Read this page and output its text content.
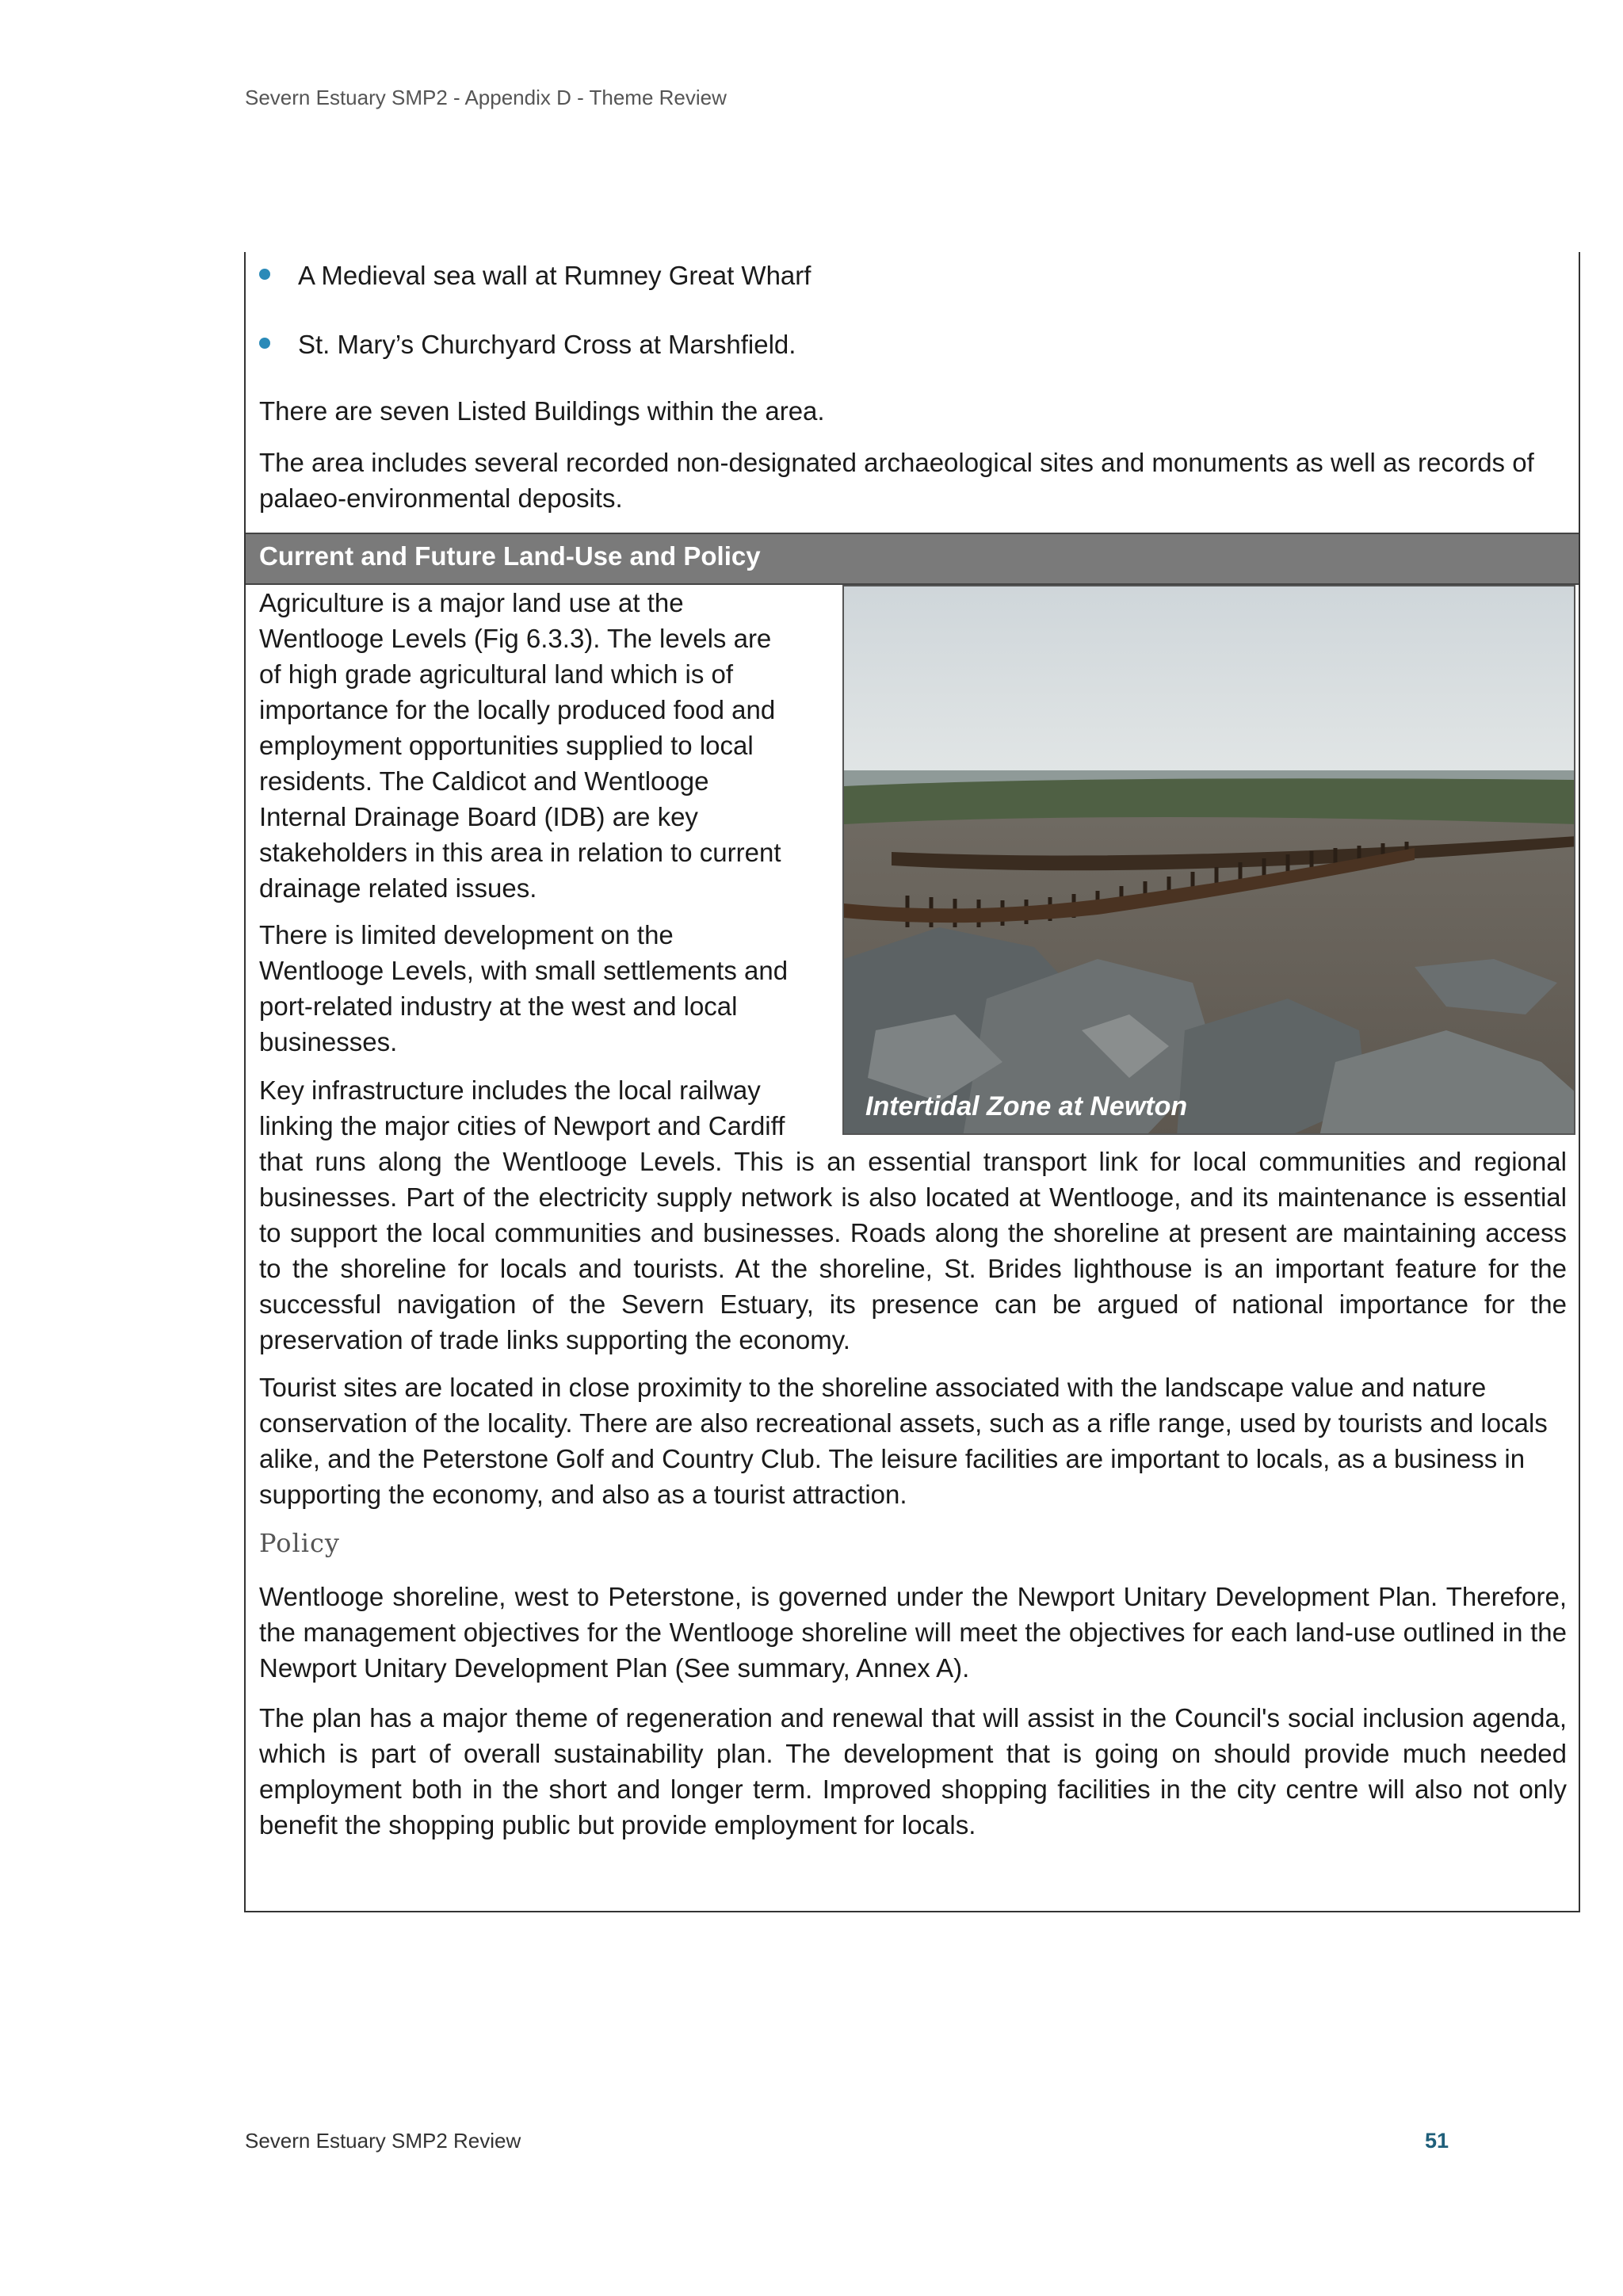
Severn Estuary SMP2 - Appendix D - Theme Review
A Medieval sea wall at Rumney Great Wharf
St. Mary’s Churchyard Cross at Marshfield.
There are seven Listed Buildings within the area.
The area includes several recorded non-designated archaeological sites and monuments as well as records of palaeo-environmental deposits.
Current and Future Land-Use and Policy
Agriculture is a major land use at the
Wentlooge Levels (Fig 6.3.3). The levels are
of high grade agricultural land which is of
importance for the locally produced food and
employment opportunities supplied to local
residents. The Caldicot and Wentlooge
Internal Drainage Board (IDB) are key
stakeholders in this area in relation to current
drainage related issues.
There is limited development on the
Wentlooge Levels, with small settlements and
port-related industry at the west and local
businesses.
Key infrastructure includes the local railway
linking the major cities of Newport and Cardiff
that runs along the Wentlooge Levels. This is an essential transport link for local communities and regional businesses. Part of the electricity supply network is also located at Wentlooge, and its maintenance is essential to support the local communities and businesses. Roads along the shoreline at present are maintaining access to the shoreline for locals and tourists. At the shoreline, St. Brides lighthouse is an important feature for the successful navigation of the Severn Estuary, its presence can be argued of national importance for the preservation of trade links supporting the economy.
Intertidal Zone at Newton
Tourist sites are located in close proximity to the shoreline associated with the landscape value and nature conservation of the locality. There are also recreational assets, such as a rifle range, used by tourists and locals alike, and the Peterstone Golf and Country Club. The leisure facilities are important to locals, as a business in supporting the economy, and also as a tourist attraction.
Policy
Wentlooge shoreline, west to Peterstone, is governed under the Newport Unitary Development Plan. Therefore, the management objectives for the Wentlooge shoreline will meet the objectives for each land-use outlined in the Newport Unitary Development Plan (See summary, Annex A).
The plan has a major theme of regeneration and renewal that will assist in the Council's social inclusion agenda, which is part of overall sustainability plan. The development that is going on should provide much needed employment both in the short and longer term. Improved shopping facilities in the city centre will also not only benefit the shopping public but provide employment for locals.
Severn Estuary SMP2 Review	51
